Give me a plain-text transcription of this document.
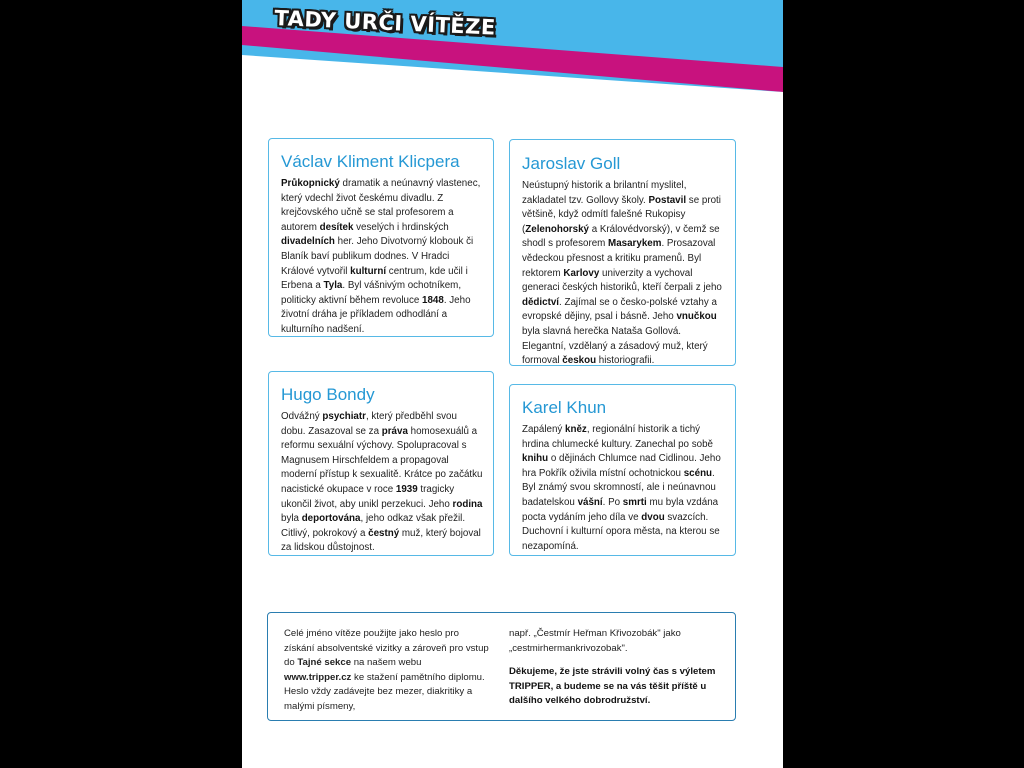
TADY URČI VÍTĚZE
Václav Kliment Klicpera

Průkopnický dramatik a neúnavný vlastenec, který vdechl život českému divadlu. Z krejčovského učně se stal profesorem a autorem desítek veselých i hrdinských divadelních her. Jeho Divotvorný klobouk či Blaník baví publikum dodnes. V Hradci Králové vytvořil kulturní centrum, kde učil i Erbena a Tyla. Byl vášnivým ochotníkem, politicky aktivní během revoluce 1848. Jeho životní dráha je příkladem odhodlání a kulturního nadšení.

Jaroslav Goll

Neústupný historik a brilantní myslitel, zakladatel tzv. Gollovy školy. Postavil se proti většině, když odmítl falešné Rukopisy (Zelenohorský a Královédvorský), v čemž se shodl s profesorem Masarykem. Prosazoval vědeckou přesnost a kritiku pramenů. Byl rektorem Karlovy univerzity a vychoval generaci českých historiků, kteří čerpali z jeho dědictví. Zajímal se o česko-polské vztahy a evropské dějiny, psal i básně. Jeho vnučkou byla slavná herečka Nataša Gollová. Elegantní, vzdělaný a zásadový muž, který formoval českou historiografii.

Hugo Bondy

Odvážný psychiatr, který předběhl svou dobu. Zasazoval se za práva homosexuálů a reformu sexuální výchovy. Spolupracoval s Magnusem Hirschfeldem a propagoval moderní přístup k sexualitě. Krátce po začátku nacistické okupace v roce 1939 tragicky ukončil život, aby unikl perzekuci. Jeho rodina byla deportována, jeho odkaz však přežil. Citlivý, pokrokový a čestný muž, který bojoval za lidskou důstojnost.

Karel Khun

Zapálený kněz, regionální historik a tichý hrdina chlumecké kultury. Zanechal po sobě knihu o dějinách Chlumce nad Cidlinou. Jeho hra Pokřík oživila místní ochotnickou scénu. Byl známý svou skromností, ale i neúnavnou badatelskou vášní. Po smrti mu byla vzdána pocta vydáním jeho díla ve dvou svazcích. Duchovní i kulturní opora města, na kterou se nezapomíná.

Celé jméno vítěze použijte jako heslo pro získání absolventské vizitky a zároveň pro vstup do Tajné sekce na našem webu www.tripper.cz ke stažení pamětního diplomu. Heslo vždy zadávejte bez mezer, diakritiky a malými písmeny,

např. „Čestmír Heřman Křivozobák" jako „cestmirhermankrivozobak".

Děkujeme, že jste strávili volný čas s výletem TRIPPER, a budeme se na vás těšit příště u dalšího velkého dobrodružství.
